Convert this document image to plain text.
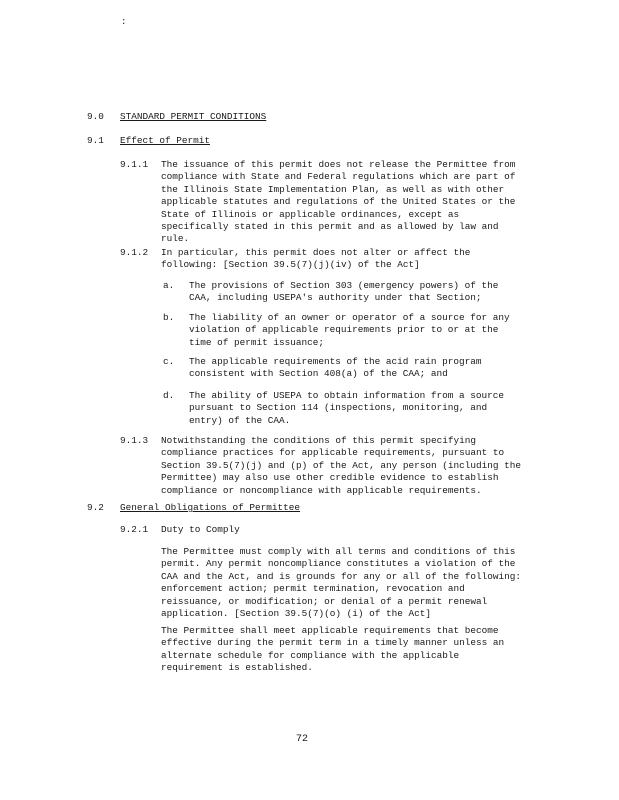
:
9.0 STANDARD PERMIT CONDITIONS
9.1 Effect of Permit
9.1.1 The issuance of this permit does not release the Permittee from
compliance with State and Federal regulations which are part of
the Illinois State Implementation Plan, as well as with other
applicable statutes and regulations of the United States or the
State of Illinois or applicable ordinances, except as
specifically stated in this permit and as allowed by law and
rule.
9.1.2 In particular, this permit does not alter or affect the
following: [Section 39.5(7)(j)(iv) of the Act]
a. The provisions of Section 303 (emergency powers) of the
CAA, including USEPA's authority under that Section;
b. The liability of an owner or operator of a source for any
violation of applicable requirements prior to or at the
time of permit issuance;
c. The applicable requirements of the acid rain program
consistent with Section 408(a) of the CAA; and
d. The ability of USEPA to obtain information from a source
pursuant to Section 114 (inspections, monitoring, and
entry) of the CAA.
9.1.3 Notwithstanding the conditions of this permit specifying
compliance practices for applicable requirements, pursuant to
Section 39.5(7)(j) and (p) of the Act, any person (including the
Permittee) may also use other credible evidence to establish
compliance or noncompliance with applicable requirements.
9.2 General Obligations of Permittee
9.2.1 Duty to Comply
The Permittee must comply with all terms and conditions of this
permit. Any permit noncompliance constitutes a violation of the
CAA and the Act, and is grounds for any or all of the following:
enforcement action; permit termination, revocation and
reissuance, or modification; or denial of a permit renewal
application. [Section 39.5(7)(o) (i) of the Act]
The Permittee shall meet applicable requirements that become
effective during the permit term in a timely manner unless an
alternate schedule for compliance with the applicable
requirement is established.
72
